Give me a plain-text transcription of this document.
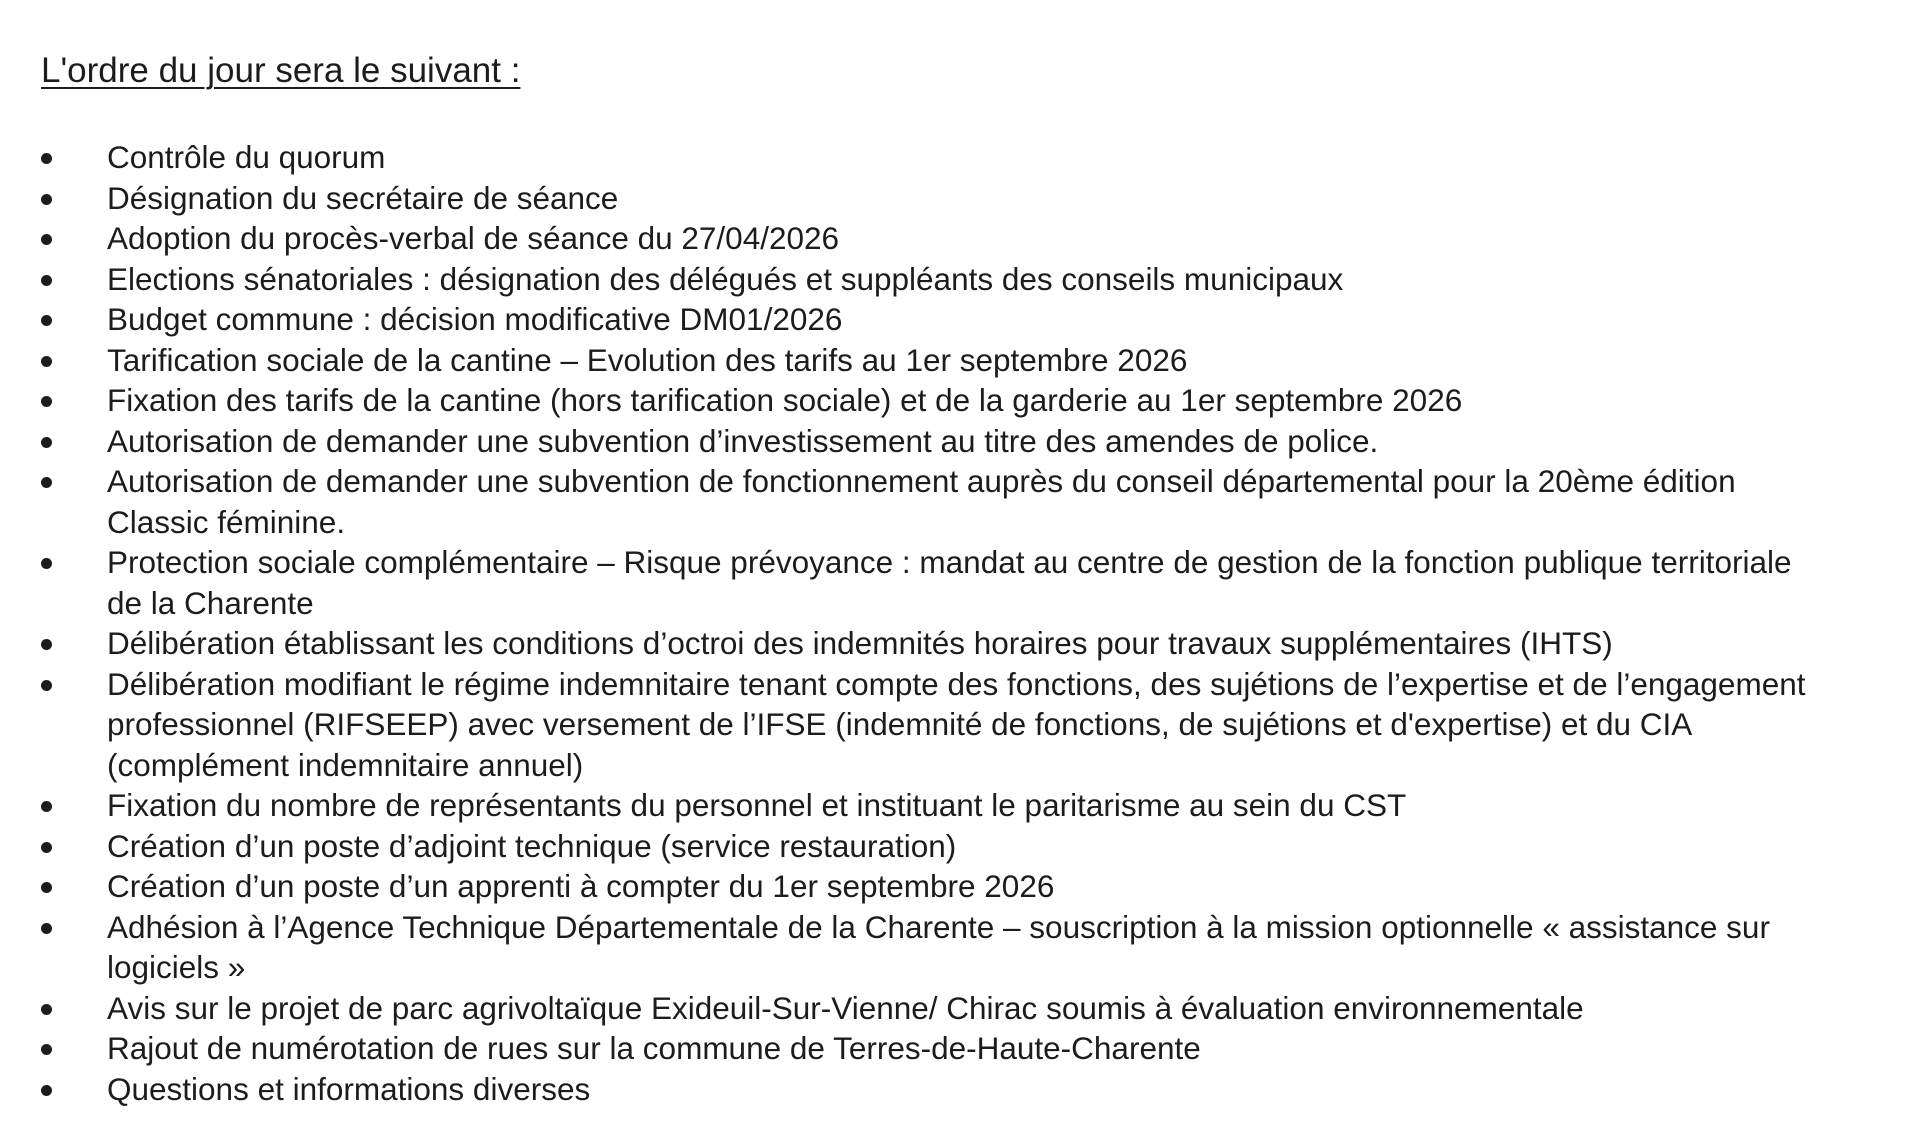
L'ordre du jour sera le suivant :
Contrôle du quorum
Désignation du secrétaire de séance
Adoption du procès-verbal de séance du 27/04/2026
Elections sénatoriales : désignation des délégués et suppléants des conseils municipaux
Budget commune : décision modificative DM01/2026
Tarification sociale de la cantine – Evolution des tarifs au 1er septembre 2026
Fixation des tarifs de la cantine (hors tarification sociale) et de la garderie au 1er septembre 2026
Autorisation de demander une subvention d’investissement au titre des amendes de police.
Autorisation de demander une subvention de fonctionnement auprès du conseil départemental pour la 20ème édition
Classic féminine.
Protection sociale complémentaire – Risque prévoyance : mandat au centre de gestion de la fonction publique territoriale
de la Charente
Délibération établissant les conditions d’octroi des indemnités horaires pour travaux supplémentaires (IHTS)
Délibération modifiant le régime indemnitaire tenant compte des fonctions, des sujétions de l’expertise et de l’engagement
professionnel (RIFSEEP) avec versement de l’IFSE (indemnité de fonctions, de sujétions et d'expertise) et du CIA
(complément indemnitaire annuel)
Fixation du nombre de représentants du personnel et instituant le paritarisme au sein du CST
Création d’un poste d’adjoint technique (service restauration)
Création d’un poste d’un apprenti à compter du 1er septembre 2026
Adhésion à l’Agence Technique Départementale de la Charente – souscription à la mission optionnelle « assistance sur
logiciels »
Avis sur le projet de parc agrivoltaïque Exideuil-Sur-Vienne/ Chirac soumis à évaluation environnementale
Rajout de numérotation de rues sur la commune de Terres-de-Haute-Charente
Questions et informations diverses
